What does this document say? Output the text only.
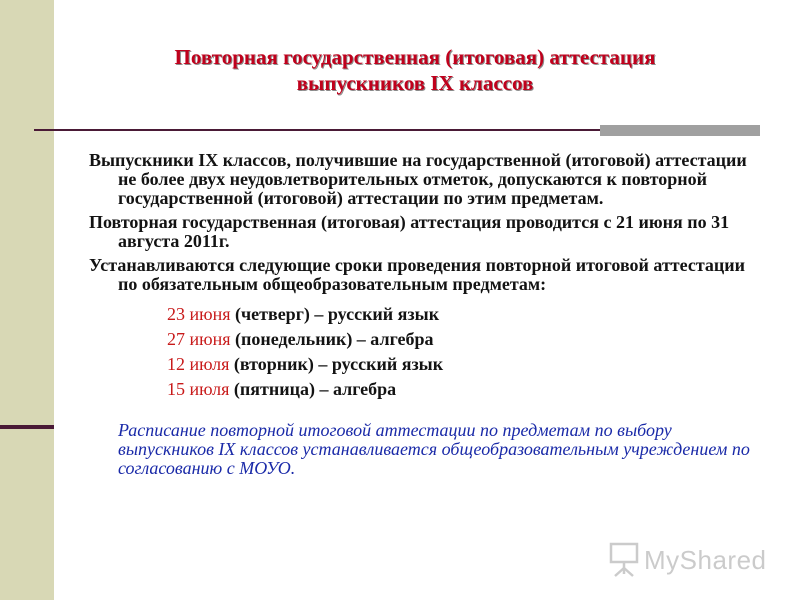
Повторная государственная (итоговая) аттестация
выпускников IX классов

Выпускники IX классов, получившие на государственной (итоговой) аттестации не более двух неудовлетворительных отметок, допускаются к повторной государственной (итоговой) аттестации по этим предметам.

Повторная государственная (итоговая) аттестация проводится с 21 июня по 31 августа 2011г.

Устанавливаются следующие сроки проведения повторной итоговой аттестации по обязательным общеобразовательным предметам:

23 июня (четверг) – русский язык
27 июня (понедельник) – алгебра
12 июля (вторник) – русский язык
15 июля (пятница) – алгебра
Расписание повторной итоговой аттестации по предметам по выбору выпускников IX классов устанавливается общеобразовательным учреждением по согласованию с МОУО.
MyShared
